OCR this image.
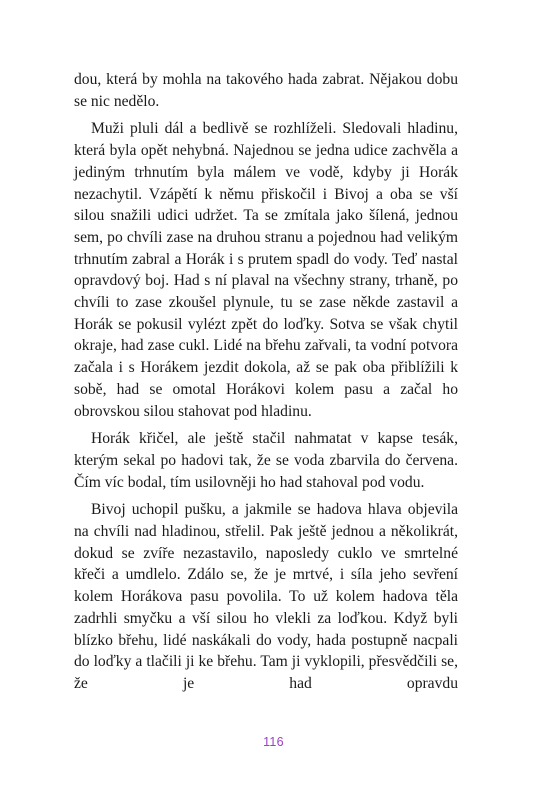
dou, která by mohla na takového hada zabrat. Nějakou dobu se nic nedělo.

Muži pluli dál a bedlivě se rozhlíželi. Sledovali hladinu, která byla opět nehybná. Najednou se jedna udice zachvěla a jediným trhnutím byla málem ve vodě, kdyby ji Horák nezachytil. Vzápětí k němu přiskočil i Bivoj a oba se vší silou snažili udici udržet. Ta se zmítala jako šílená, jednou sem, po chvíli zase na druhou stranu a pojednou had velikým trhnutím zabral a Horák i s prutem spadl do vody. Teď nastal opravdový boj. Had s ní plaval na všechny strany, trhaně, po chvíli to zase zkoušel plynule, tu se zase někde zastavil a Horák se pokusil vylézt zpět do loďky. Sotva se však chytil okraje, had zase cukl. Lidé na břehu zařvali, ta vodní potvora začala i s Horákem jezdit dokola, až se pak oba přiblížili k sobě, had se omotal Horákovi kolem pasu a začal ho obrovskou silou stahovat pod hladinu.

Horák křičel, ale ještě stačil nahmatat v kapse tesák, kterým sekal po hadovi tak, že se voda zbarvila do červena. Čím víc bodal, tím usilovněji ho had stahoval pod vodu.

Bivoj uchopil pušku, a jakmile se hadova hlava objevila na chvíli nad hladinou, střelil. Pak ještě jednou a několikrát, dokud se zvíře nezastavilo, naposledy cuklo ve smrtelné křeči a umdlelo. Zdálo se, že je mrtvé, i síla jeho sevření kolem Horákova pasu povolila. To už kolem hadova těla zadrhli smyčku a vší silou ho vlekli za loďkou. Když byli blízko břehu, lidé naskákali do vody, hada postupně nacpali do loďky a tlačili ji ke břehu. Tam ji vyklopili, přesvědčili se, že je had opravdu

116
